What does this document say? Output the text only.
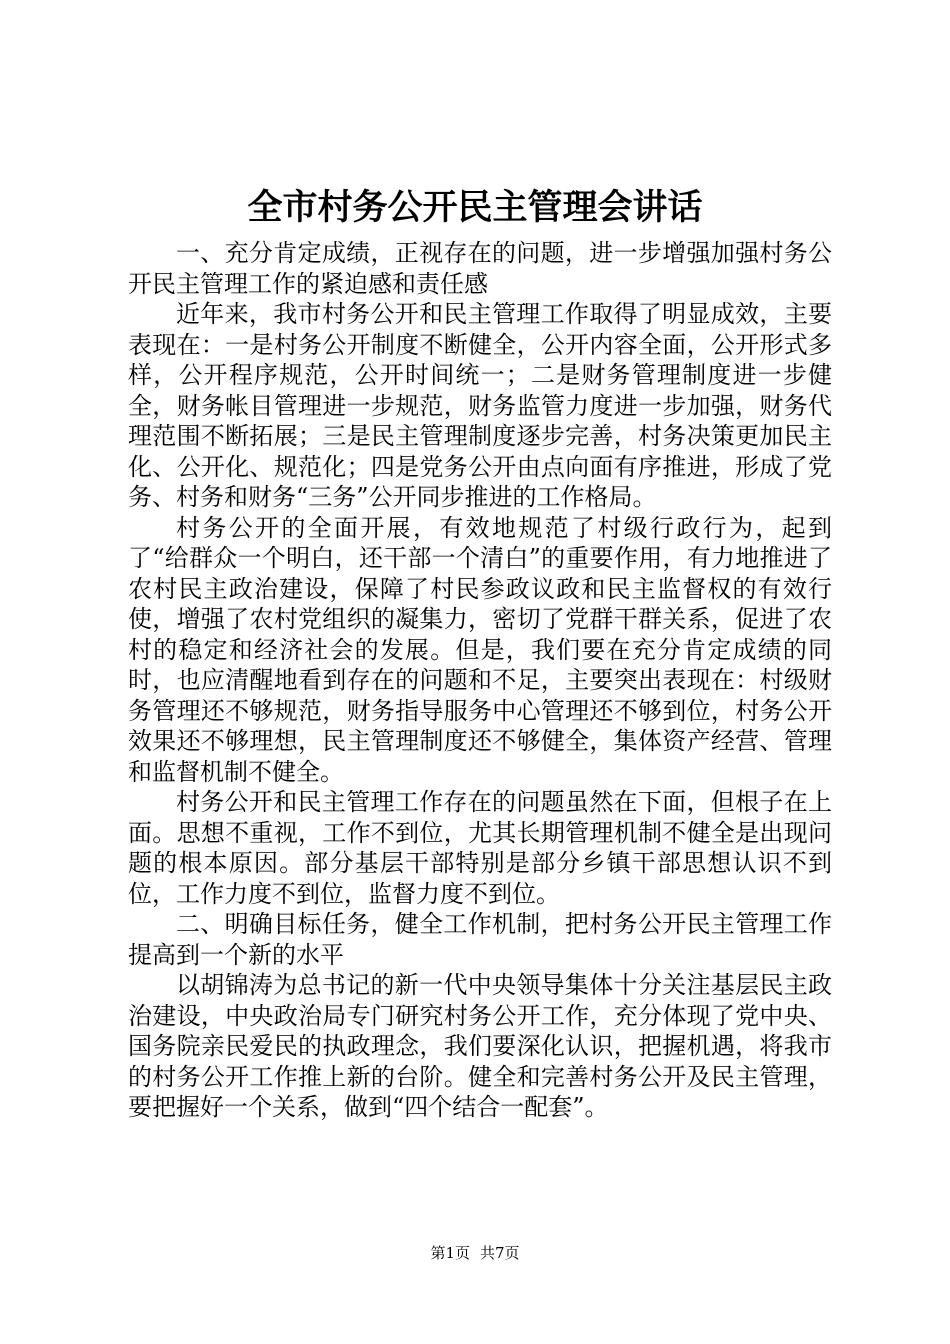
全市村务公开民主管理会讲话

一、充分肯定成绩，正视存在的问题，进一步增强加强村务公开民主管理工作的紧迫感和责任感

近年来，我市村务公开和民主管理工作取得了明显成效，主要表现在：一是村务公开制度不断健全，公开内容全面，公开形式多样，公开程序规范，公开时间统一；二是财务管理制度进一步健全，财务帐目管理进一步规范，财务监管力度进一步加强，财务代理范围不断拓展；三是民主管理制度逐步完善，村务决策更加民主化、公开化、规范化；四是党务公开由点向面有序推进，形成了党务、村务和财务“三务”公开同步推进的工作格局。

村务公开的全面开展，有效地规范了村级行政行为，起到了“给群众一个明白，还干部一个清白”的重要作用，有力地推进了农村民主政治建设，保障了村民参政议政和民主监督权的有效行使，增强了农村党组织的凝集力，密切了党群干群关系，促进了农村的稳定和经济社会的发展。但是，我们要在充分肯定成绩的同时，也应清醒地看到存在的问题和不足，主要突出表现在：村级财务管理还不够规范，财务指导服务中心管理还不够到位，村务公开效果还不够理想，民主管理制度还不够健全，集体资产经营、管理和监督机制不健全。

村务公开和民主管理工作存在的问题虽然在下面，但根子在上面。思想不重视，工作不到位，尤其长期管理机制不健全是出现问题的根本原因。部分基层干部特别是部分乡镇干部思想认识不到位，工作力度不到位，监督力度不到位。

二、明确目标任务，健全工作机制，把村务公开民主管理工作提高到一个新的水平

以胡锦涛为总书记的新一代中央领导集体十分关注基层民主政治建设，中央政治局专门研究村务公开工作，充分体现了党中央、国务院亲民爱民的执政理念，我们要深化认识，把握机遇，将我市的村务公开工作推上新的台阶。健全和完善村务公开及民主管理，要把握好一个关系，做到“四个结合一配套”。

第1页 共7页
